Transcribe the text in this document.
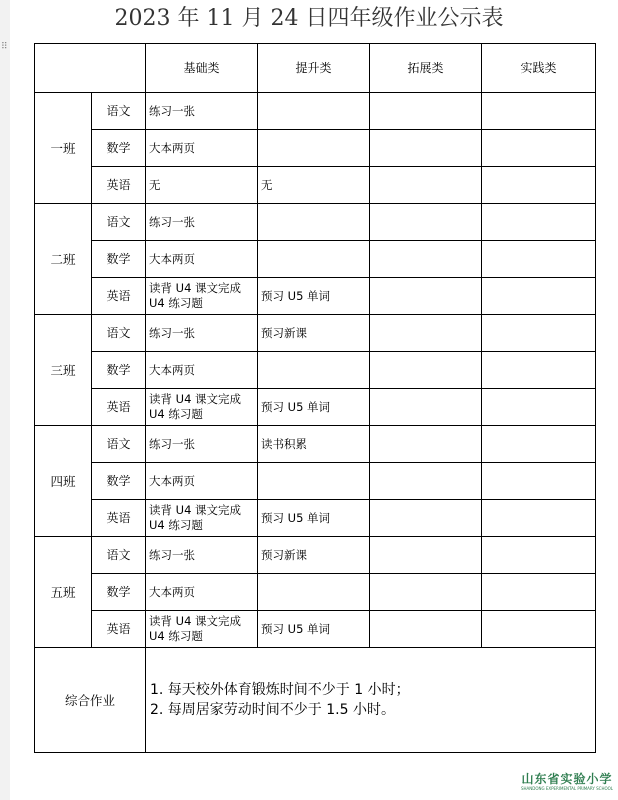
⠿
2023 年 11 月 24 日四年级作业公示表
		基础类	提升类	拓展类	实践类
一班	语文	练习一张			
	数学	大本两页			
	英语	无	无		
二班	语文	练习一张			
	数学	大本两页			
	英语	读背 U4 课文完成 U4 练习题	预习 U5 单词		
三班	语文	练习一张	预习新课		
	数学	大本两页			
	英语	读背 U4 课文完成 U4 练习题	预习 U5 单词		
四班	语文	练习一张	读书积累		
	数学	大本两页			
	英语	读背 U4 课文完成 U4 练习题	预习 U5 单词		
五班	语文	练习一张	预习新课		
	数学	大本两页			
	英语	读背 U4 课文完成 U4 练习题	预习 U5 单词		
综合作业		1. 每天校外体育锻炼时间不少于 1 小时；
2. 每周居家劳动时间不少于 1.5 小时。			
山东省实验小学
SHANDONG EXPERIMENTAL PRIMARY SCHOOL
